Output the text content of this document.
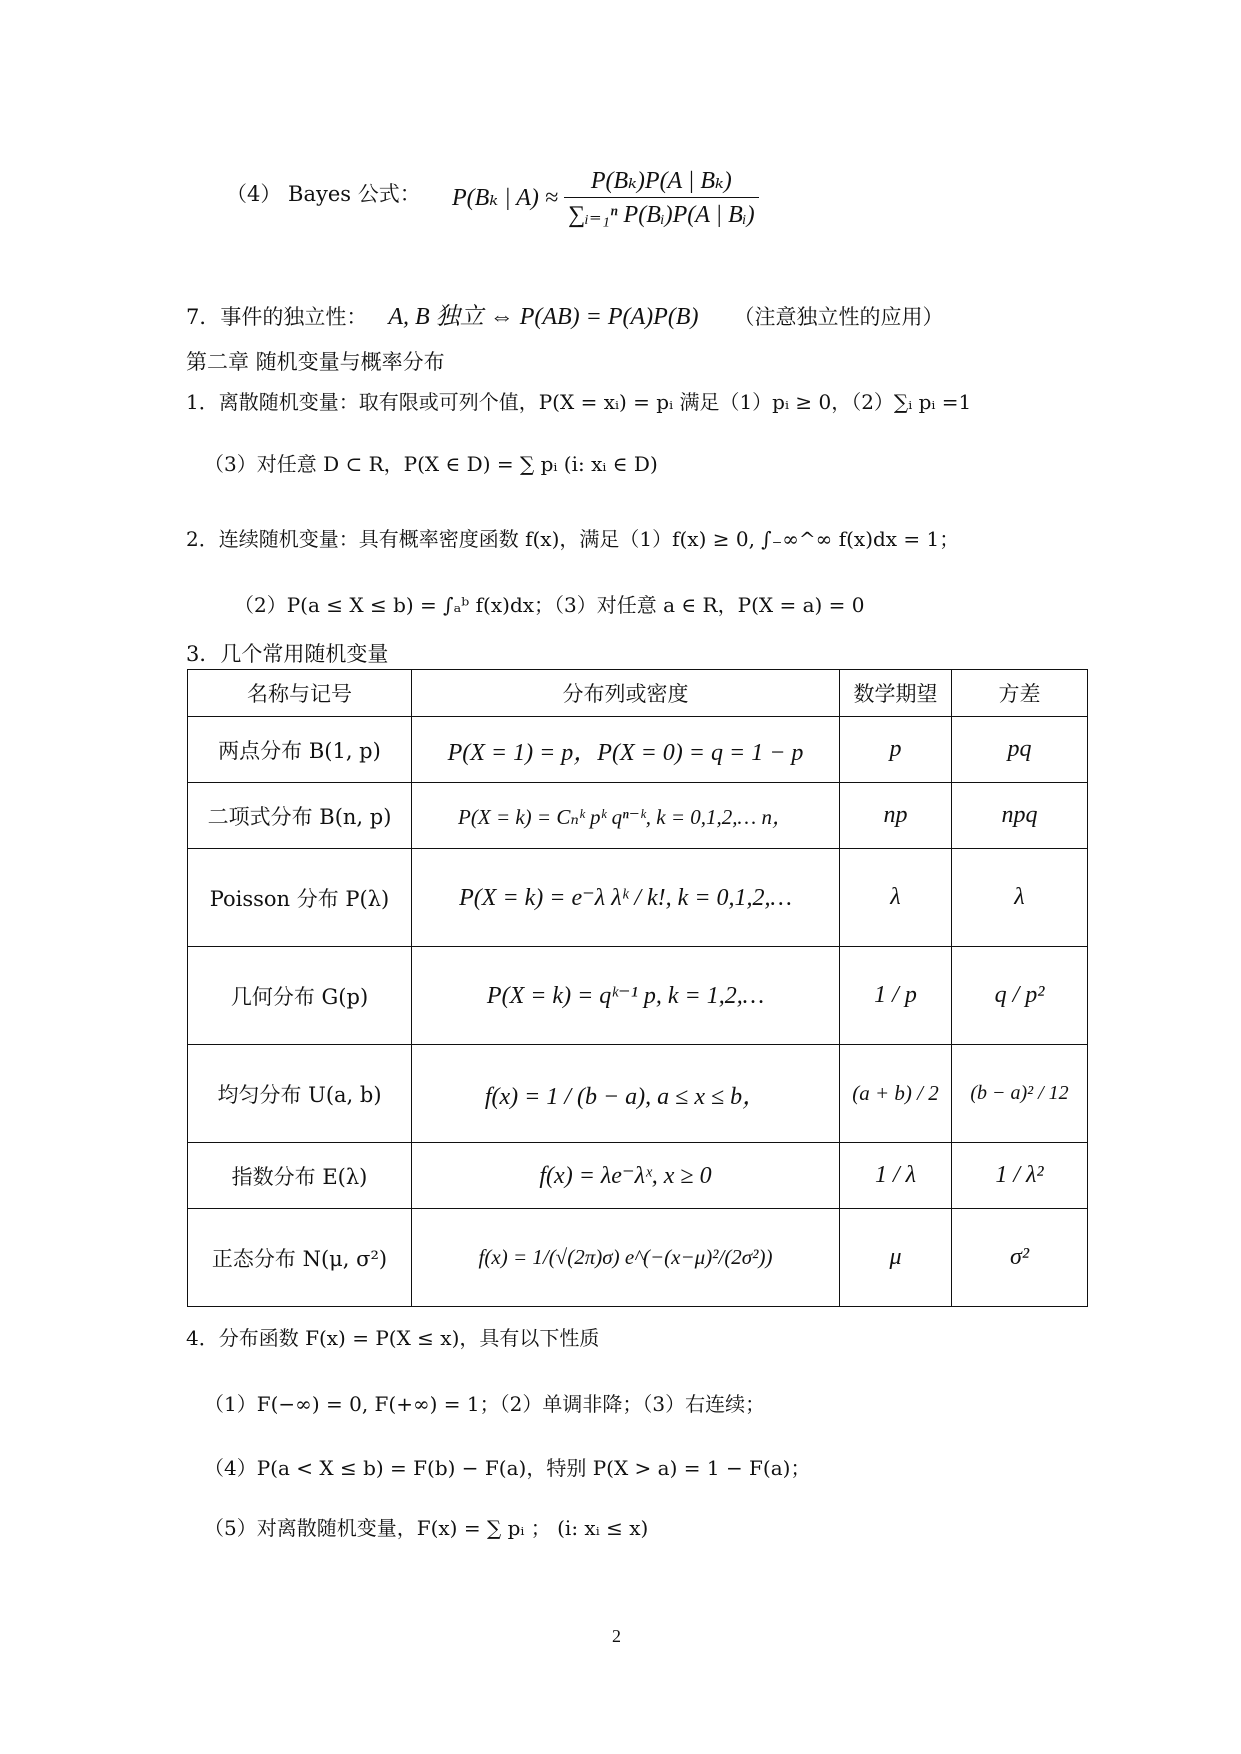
（4） Bayes 公式： P(Bₖ | $A) \approx \frac{\text{P(Bₖ)P(A | Bₖ)}}{\text{∑ᵢ₌₁ⁿ P(Bᵢ)P(A | Bᵢ)}}$
7．事件的独立性： A, B 独立 ⇔ P(AB) = P(A)P(B) （注意独立性的应用）
第二章 随机变量与概率分布
1．离散随机变量：取有限或可列个值，P(X = xᵢ) = pᵢ 满足（1）pᵢ ≥ 0，（2）∑ᵢ pᵢ =1
（3）对任意 D ⊂ R，P(X ∈ D) = ∑ pᵢ (i: xᵢ ∈ D)
2．连续随机变量：具有概率密度函数 f(x)，满足（1）f(x) ≥ 0, ∫₋∞^∞ f(x)dx = 1；
（2）P(a ≤ X ≤ b) = ∫ₐᵇ f(x)dx；（3）对任意 a ∈ R，P(X = a) = 0
3．几个常用随机变量
名称与记号	分布列或密度	数学期望	方差
两点分布 B(1, p)	P(X = 1) = p，P(X = 0) = q = 1 − p	p	pq
二项式分布 B(n, p)	P(X = k) = Cₙᵏ pᵏ qⁿ⁻ᵏ, k = 0,1,2,… n，	np	npq
Poisson 分布 P(λ)	P(X = k) = e⁻λ λᵏ / k!, k = 0,1,2,…	λ	λ
几何分布 G(p)	P(X = k) = qᵏ⁻¹ p, k = 1,2,…	1 / p	q / p²
均匀分布 U(a, b)	f(x) = 1 / (b − a), a ≤ x ≤ b，	(a + b) / 2	(b − a)² / 12
指数分布 E(λ)	f(x) = λe⁻λˣ, x ≥ 0	1 / λ	1 / λ²
正态分布 N(μ, σ²)	f(x) = 1/(√(2π)σ) e^(−(x−μ)²/(2σ²))	μ	σ²
4．分布函数 F(x) = P(X ≤ x)，具有以下性质
（1）F(−∞) = 0, F(+∞) = 1；（2）单调非降；（3）右连续；
（4）P(a < X ≤ b) = F(b) − F(a)，特别 P(X > a) = 1 − F(a)；
（5）对离散随机变量，F(x) = ∑ pᵢ ； (i: xᵢ ≤ x)
2
